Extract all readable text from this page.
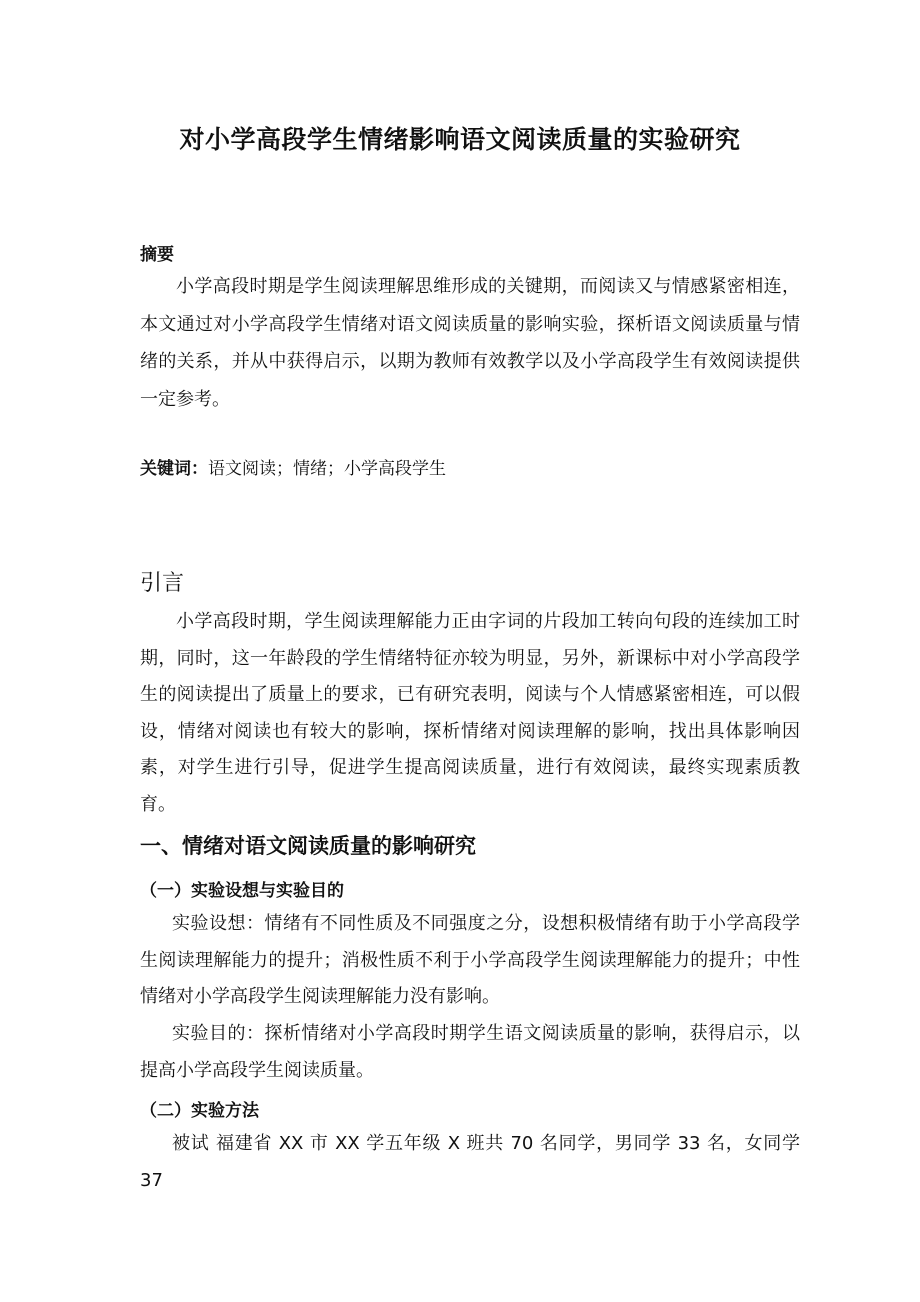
对小学高段学生情绪影响语文阅读质量的实验研究
摘要

小学高段时期是学生阅读理解思维形成的关键期，而阅读又与情感紧密相连，本文通过对小学高段学生情绪对语文阅读质量的影响实验，探析语文阅读质量与情绪的关系，并从中获得启示，以期为教师有效教学以及小学高段学生有效阅读提供一定参考。

关键词：语文阅读；情绪；小学高段学生
引言

小学高段时期，学生阅读理解能力正由字词的片段加工转向句段的连续加工时期，同时，这一年龄段的学生情绪特征亦较为明显，另外，新课标中对小学高段学生的阅读提出了质量上的要求，已有研究表明，阅读与个人情感紧密相连，可以假设，情绪对阅读也有较大的影响，探析情绪对阅读理解的影响，找出具体影响因素，对学生进行引导，促进学生提高阅读质量，进行有效阅读，最终实现素质教育。

一、情绪对语文阅读质量的影响研究
（一）实验设想与实验目的

实验设想：情绪有不同性质及不同强度之分，设想积极情绪有助于小学高段学生阅读理解能力的提升；消极性质不利于小学高段学生阅读理解能力的提升；中性情绪对小学高段学生阅读理解能力没有影响。

实验目的：探析情绪对小学高段时期学生语文阅读质量的影响，获得启示，以提高小学高段学生阅读质量。

（二）实验方法

被试 福建省 XX 市 XX 学五年级 X 班共 70 名同学，男同学 33 名，女同学 37
